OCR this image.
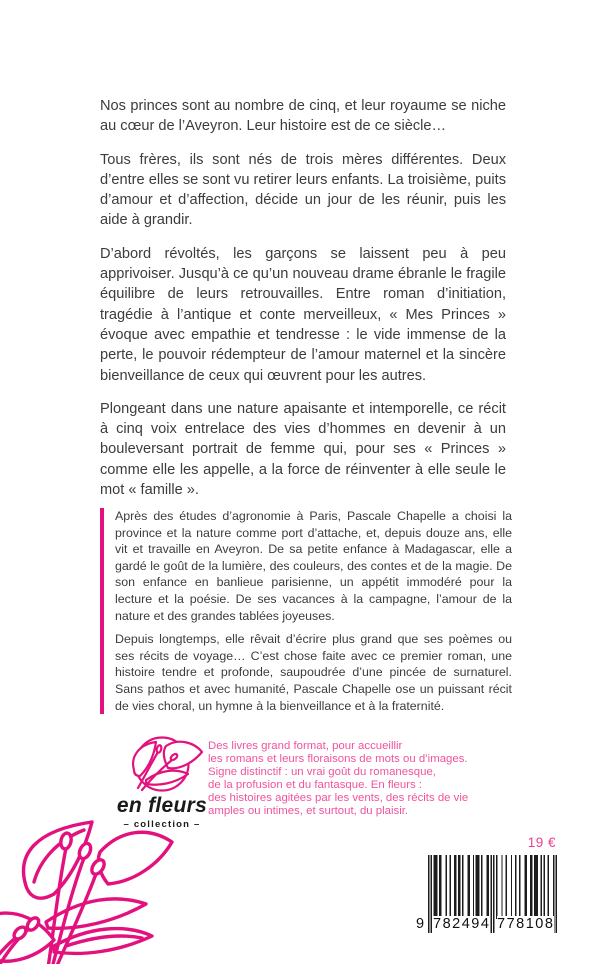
Nos princes sont au nombre de cinq, et leur royaume se niche au cœur de l’Aveyron. Leur histoire est de ce siècle…

Tous frères, ils sont nés de trois mères différentes. Deux d’entre elles se sont vu retirer leurs enfants. La troisième, puits d’amour et d’affection, décide un jour de les réunir, puis les aide à grandir.

D’abord révoltés, les garçons se laissent peu à peu apprivoiser. Jusqu’à ce qu’un nouveau drame ébranle le fragile équilibre de leurs retrouvailles. Entre roman d’initiation, tragédie à l’antique et conte merveilleux, « Mes Princes » évoque avec empathie et tendresse : le vide immense de la perte, le pouvoir rédempteur de l’amour maternel et la sincère bienveillance de ceux qui œuvrent pour les autres.

Plongeant dans une nature apaisante et intemporelle, ce récit à cinq voix entrelace des vies d’hommes en devenir à un bouleversant portrait de femme qui, pour ses « Princes » comme elle les appelle, a la force de réinventer à elle seule le mot « famille ».

Après des études d’agronomie à Paris, Pascale Chapelle a choisi la province et la nature comme port d’attache, et, depuis douze ans, elle vit et travaille en Aveyron. De sa petite enfance à Madagascar, elle a gardé le goût de la lumière, des couleurs, des contes et de la magie. De son enfance en banlieue parisienne, un appétit immodéré pour la lecture et la poésie. De ses vacances à la campagne, l’amour de la nature et des grandes tablées joyeuses.

Depuis longtemps, elle rêvait d’écrire plus grand que ses poèmes ou ses récits de voyage… C’est chose faite avec ce premier roman, une histoire tendre et profonde, saupoudrée d’une pincée de surnaturel. Sans pathos et avec humanité, Pascale Chapelle ose un puissant récit de vies choral, un hymne à la bienveillance et à la fraternité.

en fleurs
– collection –
Des livres grand format, pour accueillir
les romans et leurs floraisons de mots ou d’images.
Signe distinctif : un vrai goût du romanesque,
de la profusion et du fantasque. En fleurs :
des histoires agitées par les vents, des récits de vie
amples ou intimes, et surtout, du plaisir.
19 €
9 782494 778108
